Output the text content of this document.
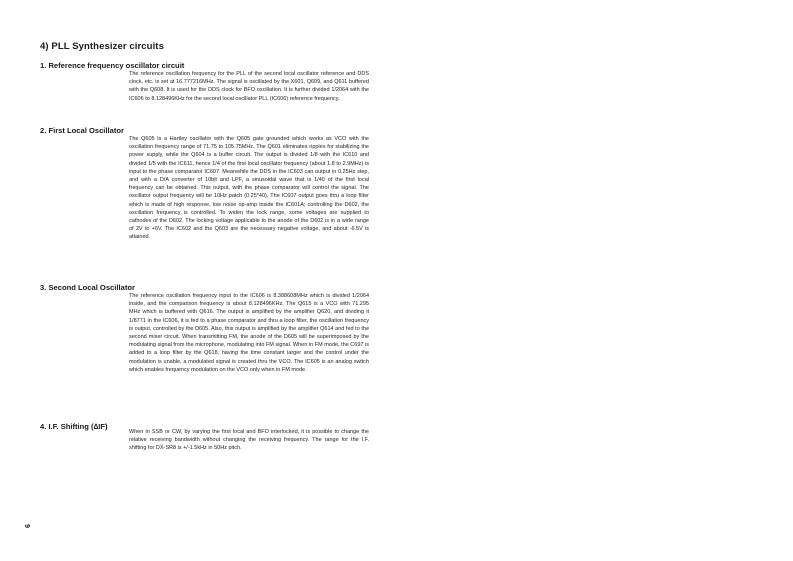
4) PLL Synthesizer circuits
1. Reference frequency oscillator circuit
The reference oscillation frequency for the PLL of the second local oscillator reference and DDS clock, etc. is set at 16.777216MHz. The signal is oscillated by the X601, Q609, and Q611 buffered with the Q608. It is used for the DDS clock for BFO oscillation. It is further divided 1/2064 with the IC606 to 8.128496KHz for the second local oscillator PLL (IC606) reference frequency.
2. First Local Oscillator
The Q605 is a Hartley oscillator with the Q605 gate grounded which works as VCO with the oscillation frequency range of 71.75 to 105.75MHz. The Q601 eliminates ripples for stabilizing the power supply, while the Q604 is a buffer circuit. The output is divided 1/8 with the IC610 and divided 1/5 with the IC611, hence 1/4 of the first local oscillator frequency (about 1.8 to 2.9MHz) is input to the phase comparator IC607. Meanwhile the DDS in the IC603 can output in 0.25Hz step, and with a D/A converter of 10bit and LPF, a sinusoidal wave that is 1/40 of the first local frequency can be obtained. This output, with the phase comparator will control the signal. The oscillator output frequency will be 10Hz patch (0.25*40). The IC607 output goes thru a loop filter which is made of high response, low noise op-amp inside the IC601A; controlling the D602, the oscillation frequency is controlled. To widen the lock range, some voltages are supplied to cathodes of the D602. The locking voltage applicable to the anode of the D602 is in a wide range of 2V to +6V. The IC602 and the Q603 are the necessary negative voltage, and about -6.5V is attained.
3. Second Local Oscillator
The reference oscillation frequency input to the IC606 is 8.388608MHz which is divided 1/2064 inside, and the comparison frequency is about 8.128496KHz. The Q615 is a VCO with 71.295 MHz which is buffered with Q616. The output is amplified by the amplifier Q620, and dividing it 1/8771 in the IC606, it is fed to a phase comparator and thru a loop filter, the oscillation frequency is output, controlled by the D605. Also, this output is amplified by the amplifier Q614 and fed to the second mixer circuit. When transmitting FM, the anode of the D605 will be superimposed by the modulating signal from the microphone, modulating into FM signal. When in FM mode, the C697 is added to a loop filter by the Q618, having the time constant larger and the control under the modulation is unable, a modulated signal is created thru the VCO. The IC605 is an analog switch which enables frequency modulation on the VCO only when in FM mode.
4. I.F. Shifting (∆IF)
When in SSB or CW, by varying the first local and BFO interlocked, it is possible to change the relative receiving bandwidth without changing the receiving frequency. The range for the I.F. shifting for DX-SR8 is +/-1.5kHz in 50Hz pitch.
6
